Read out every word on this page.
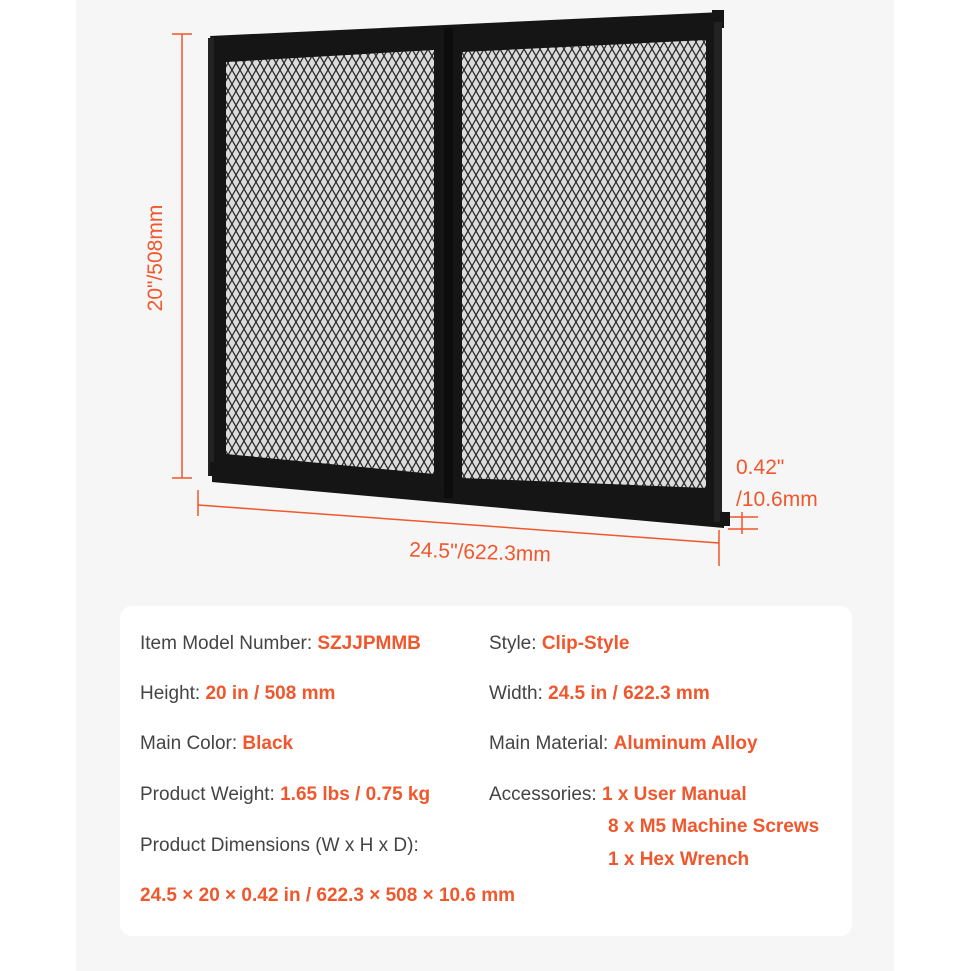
20"/508mm
24.5"/622.3mm
0.42"
/10.6mm
Item Model Number: SZJJPMMB	Style: Clip-Style
Height: 20 in / 508 mm	Width: 24.5 in / 622.3 mm
Main Color: Black	Main Material: Aluminum Alloy
Product Weight: 1.65 lbs / 0.75 kg	Accessories: 1 x User Manual
8 x M5 Machine Screws
1 x Hex Wrench
Product Dimensions (W x H x D):
24.5 × 20 × 0.42 in / 622.3 × 508 × 10.6 mm
